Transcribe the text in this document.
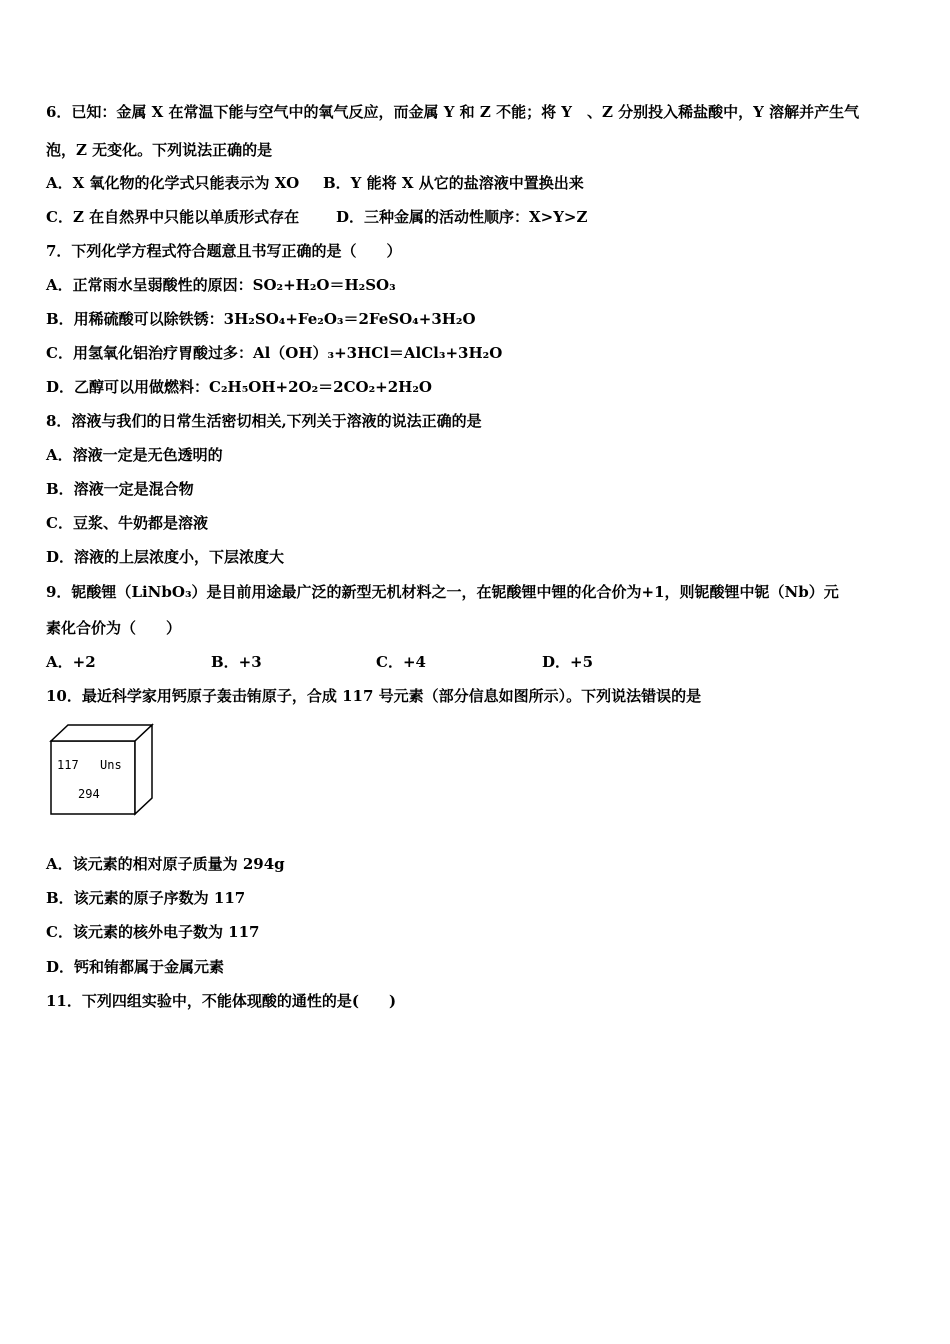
6．已知：金属 X 在常温下能与空气中的氧气反应，而金属 Y 和 Z 不能；将 Y　、Z 分别投入稀盐酸中，Y 溶解并产生气
泡，Z 无变化。下列说法正确的是
A．X 氧化物的化学式只能表示为 XO B．Y 能将 X 从它的盐溶液中置换出来
C．Z 在自然界中只能以单质形式存在 D．三种金属的活动性顺序：X>Y>Z
7．下列化学方程式符合题意且书写正确的是（　　）
A．正常雨水呈弱酸性的原因：SO₂+H₂O＝H₂SO₃
B．用稀硫酸可以除铁锈：3H₂SO₄+Fe₂O₃＝2FeSO₄+3H₂O
C．用氢氧化铝治疗胃酸过多：Al（OH）₃+3HCl＝AlCl₃+3H₂O
D．乙醇可以用做燃料：C₂H₅OH+2O₂＝2CO₂+2H₂O
8．溶液与我们的日常生活密切相关,下列关于溶液的说法正确的是
A．溶液一定是无色透明的
B．溶液一定是混合物
C．豆浆、牛奶都是溶液
D．溶液的上层浓度小，下层浓度大
9．铌酸锂（LiNbO₃）是目前用途最广泛的新型无机材料之一，在铌酸锂中锂的化合价为+1，则铌酸锂中铌（Nb）元
素化合价为（　　）
A．+2	B．+3	C．+4	D．+5
10．最近科学家用钙原子轰击铕原子，合成 117 号元素（部分信息如图所示）。下列说法错误的是
117 Uns
294
A．该元素的相对原子质量为 294g
B．该元素的原子序数为 117
C．该元素的核外电子数为 117
D．钙和铕都属于金属元素
11．下列四组实验中，不能体现酸的通性的是(　　)
